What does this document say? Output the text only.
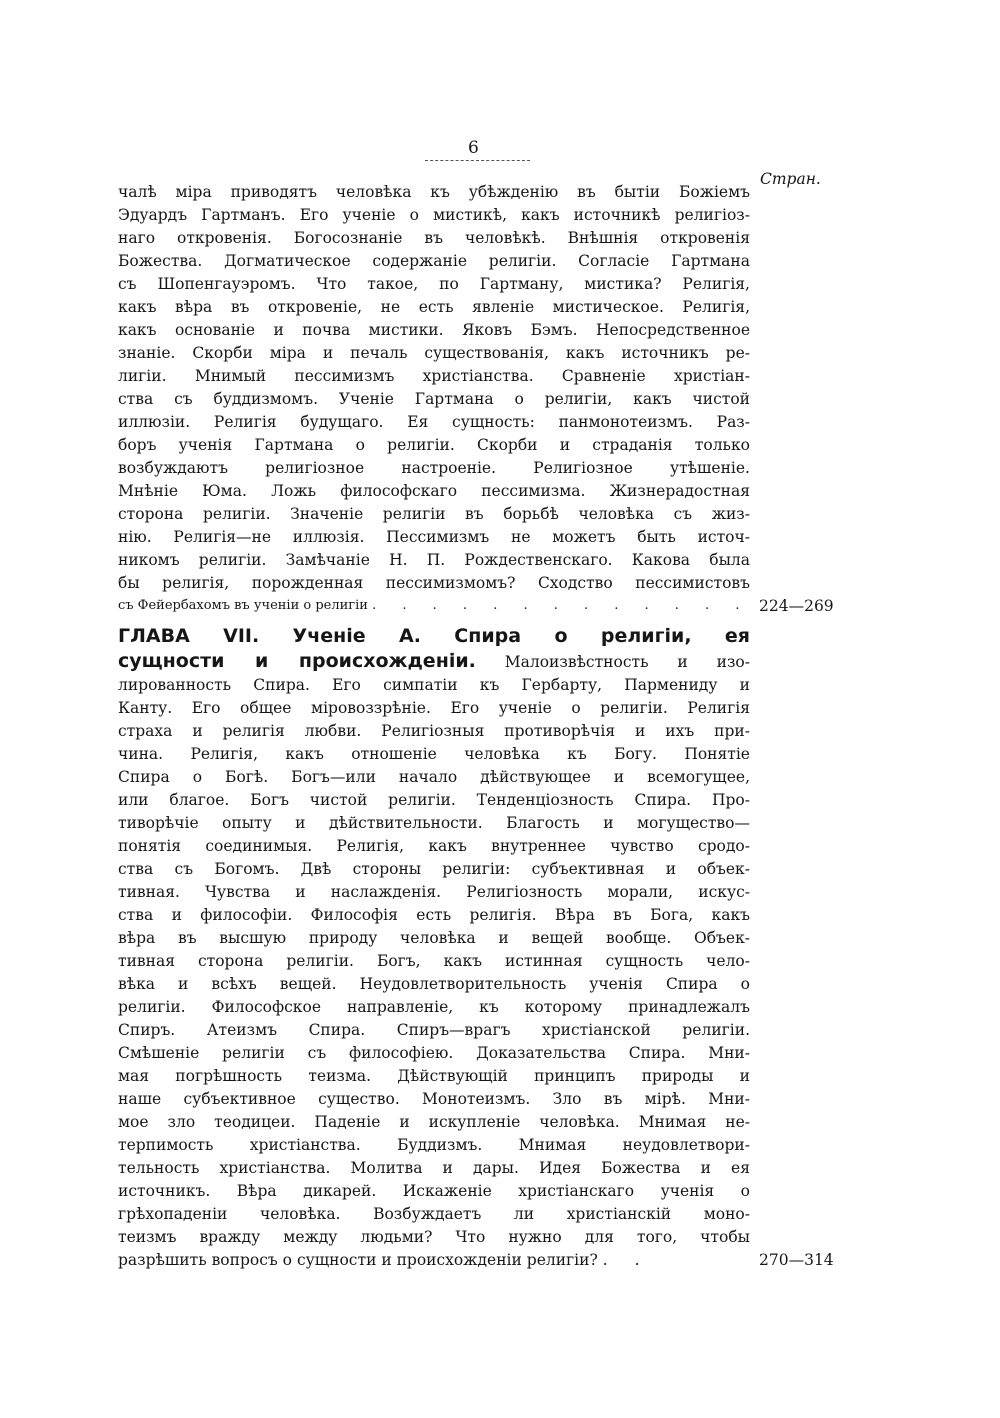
6
Стран.
чалѣ міра приводятъ человѣка къ убѣжденію въ бытіи Божіемъ
Эдуардъ Гартманъ. Его ученіе о мистикѣ, какъ источникѣ религіоз-
наго откровенія. Богосознаніе въ человѣкѣ. Внѣшнія откровенія
Божества. Догматическое содержаніе религіи. Согласіе Гартмана
съ Шопенгауэромъ. Что такое, по Гартману, мистика? Религія,
какъ вѣра въ откровеніе, не есть явленіе мистическое. Религія,
какъ основаніе и почва мистики. Яковъ Бэмъ. Непосредственное
знаніе. Скорби міра и печаль существованія, какъ источникъ ре-
лигіи. Мнимый пессимизмъ христіанства. Сравненіе христіан-
ства съ буддизмомъ. Ученіе Гартмана о религіи, какъ чистой
иллюзіи. Религія будущаго. Ея сущность: панмонотеизмъ. Раз-
боръ ученія Гартмана о религіи. Скорби и страданія только
возбуждаютъ религіозное настроеніе. Религіозное утѣшеніе.
Мнѣніе Юма. Ложь философскаго пессимизма. Жизнерадостная
сторона религіи. Значеніе религіи въ борьбѣ человѣка съ жиз-
нію. Религія—не иллюзія. Пессимизмъ не можетъ быть источ-
никомъ религіи. Замѣчаніе Н. П. Рождественскаго. Какова была
бы религія, порожденная пессимизмомъ? Сходство пессимистовъ
съ Фейербахомъ въ ученіи о религіи . . . . . . . . . . . . . 224—269
ГЛАВА VII. Ученіе А. Спира о религіи, ея
сущности и происхожденіи. Малоизвѣстность и изо-
лированность Спира. Его симпатіи къ Гербарту, Пармениду и
Канту. Его общее міровоззрѣніе. Его ученіе о религіи. Религія
страха и религія любви. Религіозныя противорѣчія и ихъ при-
чина. Религія, какъ отношеніе человѣка къ Богу. Понятіе
Спира о Богѣ. Богъ—или начало дѣйствующее и всемогущее,
или благое. Богъ чистой религіи. Тенденціозность Спира. Про-
тиворѣчіе опыту и дѣйствительности. Благость и могущество—
понятія соединимыя. Религія, какъ внутреннее чувство сродо-
ства съ Богомъ. Двѣ стороны религіи: субъективная и объек-
тивная. Чувства и наслажденія. Религіозность морали, искус-
ства и философіи. Философія есть религія. Вѣра въ Бога, какъ
вѣра въ высшую природу человѣка и вещей вообще. Объек-
тивная сторона религіи. Богъ, какъ истинная сущность чело-
вѣка и всѣхъ вещей. Неудовлетворительность ученія Спира о
религіи. Философское направленіе, къ которому принадлежалъ
Спиръ. Атеизмъ Спира. Спиръ—врагъ христіанской религіи.
Смѣшеніе религіи съ философіею. Доказательства Спира. Мни-
мая погрѣшность теизма. Дѣйствующій принципъ природы и
наше субъективное существо. Монотеизмъ. Зло въ мірѣ. Мни-
мое зло теодицеи. Паденіе и искупленіе человѣка. Мнимая не-
терпимость христіанства. Буддизмъ. Мнимая неудовлетвори-
тельность христіанства. Молитва и дары. Идея Божества и ея
источникъ. Вѣра дикарей. Искаженіе христіанскаго ученія о
грѣхопаденіи человѣка. Возбуждаетъ ли христіанскій моно-
теизмъ вражду между людьми? Что нужно для того, чтобы
разрѣшить вопросъ о сущности и происхожденіи религіи? . .	270—314
